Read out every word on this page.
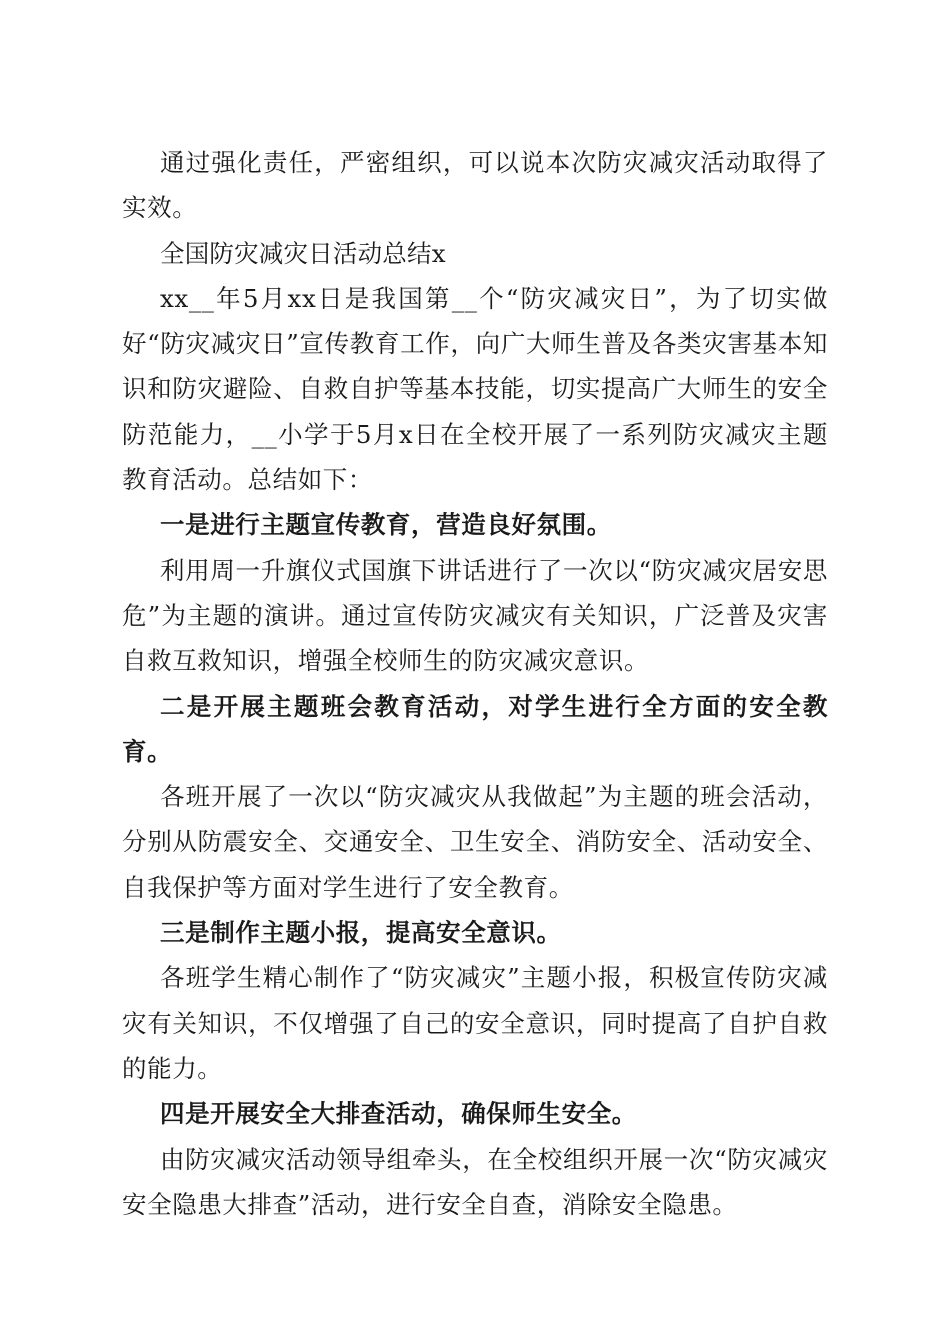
通过强化责任，严密组织，可以说本次防灾减灾活动取得了实效。

全国防灾减灾日活动总结x

xx__年5月xx日是我国第__个“防灾减灾日”，为了切实做好“防灾减灾日”宣传教育工作，向广大师生普及各类灾害基本知识和防灾避险、自救自护等基本技能，切实提高广大师生的安全防范能力，__小学于5月x日在全校开展了一系列防灾减灾主题教育活动。总结如下：

一是进行主题宣传教育，营造良好氛围。

利用周一升旗仪式国旗下讲话进行了一次以“防灾减灾居安思危”为主题的演讲。通过宣传防灾减灾有关知识，广泛普及灾害自救互救知识，增强全校师生的防灾减灾意识。

二是开展主题班会教育活动，对学生进行全方面的安全教育。

各班开展了一次以“防灾减灾从我做起”为主题的班会活动，分别从防震安全、交通安全、卫生安全、消防安全、活动安全、自我保护等方面对学生进行了安全教育。

三是制作主题小报，提高安全意识。

各班学生精心制作了“防灾减灾”主题小报，积极宣传防灾减灾有关知识，不仅增强了自己的安全意识，同时提高了自护自救的能力。

四是开展安全大排查活动，确保师生安全。

由防灾减灾活动领导组牵头，在全校组织开展一次“防灾减灾安全隐患大排查”活动，进行安全自查，消除安全隐患。
